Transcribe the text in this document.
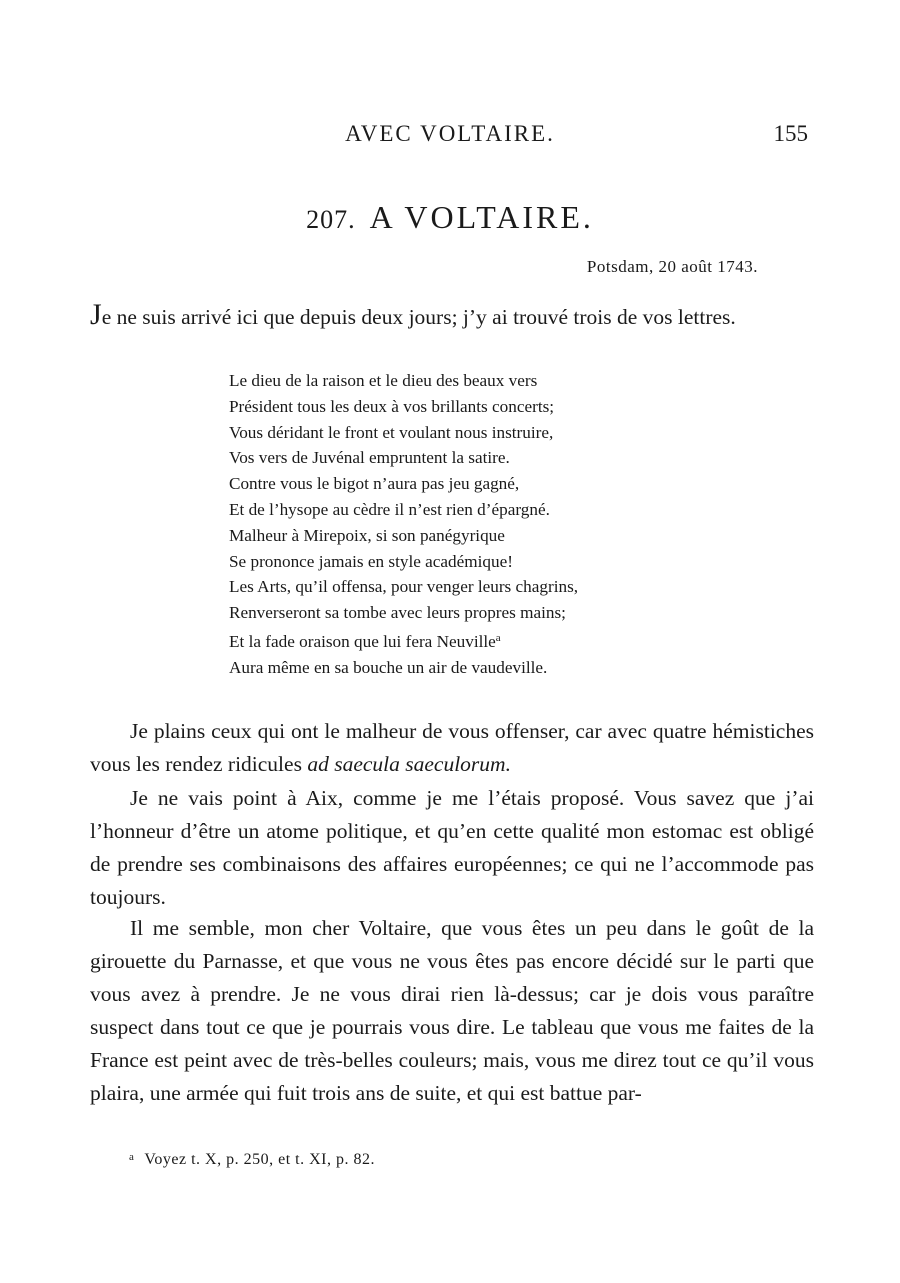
AVEC VOLTAIRE.	155
207. A VOLTAIRE.
Potsdam, 20 août 1743.

Je ne suis arrivé ici que depuis deux jours; j’y ai trouvé trois de vos lettres.

Le dieu de la raison et le dieu des beaux vers
Président tous les deux à vos brillants concerts;
Vous déridant le front et voulant nous instruire,
Vos vers de Juvénal empruntent la satire.
Contre vous le bigot n’aura pas jeu gagné,
Et de l’hysope au cèdre il n’est rien d’épargné.
Malheur à Mirepoix, si son panégyrique
Se prononce jamais en style académique!
Les Arts, qu’il offensa, pour venger leurs chagrins,
Renverseront sa tombe avec leurs propres mains;
Et la fade oraison que lui fera Neuville$^a$
Aura même en sa bouche un air de vaudeville.

Je plains ceux qui ont le malheur de vous offenser, car avec quatre hémistiches vous les rendez ridicules ad saecula saeculorum.

Je ne vais point à Aix, comme je me l’étais proposé. Vous savez que j’ai l’honneur d’être un atome politique, et qu’en cette qualité mon estomac est obligé de prendre ses combinaisons des affaires européennes; ce qui ne l’accommode pas toujours.

Il me semble, mon cher Voltaire, que vous êtes un peu dans le goût de la girouette du Parnasse, et que vous ne vous êtes pas encore décidé sur le parti que vous avez à prendre. Je ne vous dirai rien là-dessus; car je dois vous paraître suspect dans tout ce que je pourrais vous dire. Le tableau que vous me faites de la France est peint avec de très-belles couleurs; mais, vous me direz tout ce qu’il vous plaira, une armée qui fuit trois ans de suite, et qui est battue par-

$^a$ Voyez t. X, p. 250, et t. XI, p. 82.
